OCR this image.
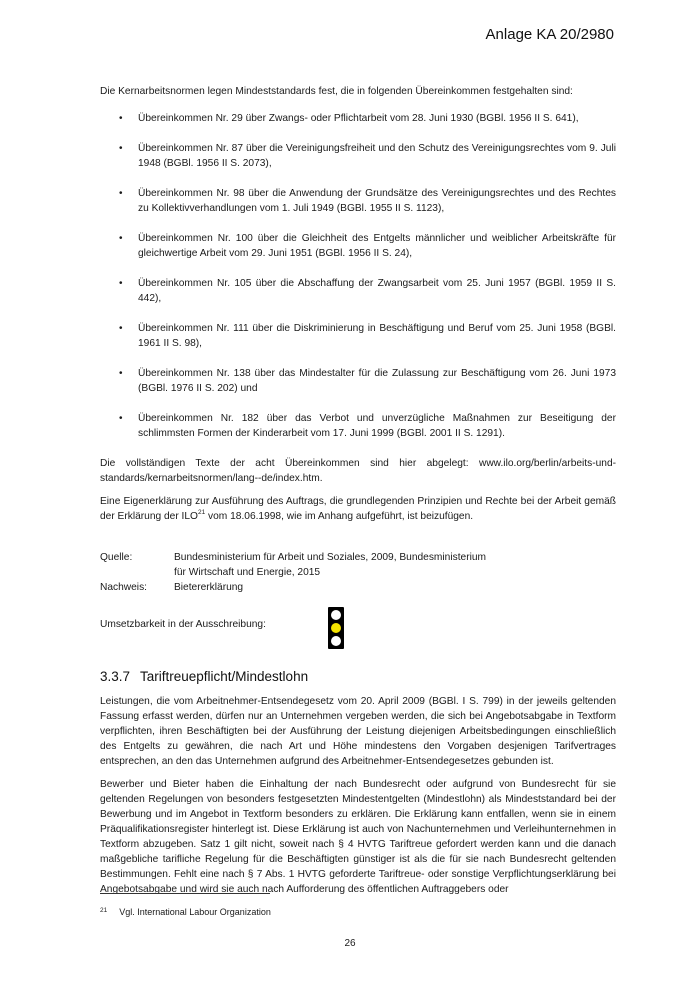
Anlage KA 20/2980

Die Kernarbeitsnormen legen Mindeststandards fest, die in folgenden Übereinkommen festgehalten sind:

• Übereinkommen Nr. 29 über Zwangs- oder Pflichtarbeit vom 28. Juni 1930 (BGBl. 1956 II S. 641),
• Übereinkommen Nr. 87 über die Vereinigungsfreiheit und den Schutz des Vereinigungsrechtes vom 9. Juli 1948 (BGBl. 1956 II S. 2073),
• Übereinkommen Nr. 98 über die Anwendung der Grundsätze des Vereinigungsrechtes und des Rechtes zu Kollektivverhandlungen vom 1. Juli 1949 (BGBl. 1955 II S. 1123),
• Übereinkommen Nr. 100 über die Gleichheit des Entgelts männlicher und weiblicher Arbeitskräfte für gleichwertige Arbeit vom 29. Juni 1951 (BGBl. 1956 II S. 24),
• Übereinkommen Nr. 105 über die Abschaffung der Zwangsarbeit vom 25. Juni 1957 (BGBl. 1959 II S. 442),
• Übereinkommen Nr. 111 über die Diskriminierung in Beschäftigung und Beruf vom 25. Juni 1958 (BGBl. 1961 II S. 98),
• Übereinkommen Nr. 138 über das Mindestalter für die Zulassung zur Beschäftigung vom 26. Juni 1973 (BGBl. 1976 II S. 202) und
• Übereinkommen Nr. 182 über das Verbot und unverzügliche Maßnahmen zur Beseitigung der schlimmsten Formen der Kinderarbeit vom 17. Juni 1999 (BGBl. 2001 II S. 1291).

Die vollständigen Texte der acht Übereinkommen sind hier abgelegt: www.ilo.org/berlin/arbeits-und-standards/kernarbeitsnormen/lang--de/index.htm.

Eine Eigenerklärung zur Ausführung des Auftrags, die grundlegenden Prinzipien und Rechte bei der Arbeit gemäß der Erklärung der ILO$^{21}$ vom 18.06.1998, wie im Anhang aufgeführt, ist beizufügen.

Quelle:	Bundesministerium für Arbeit und Soziales, 2009, Bundesministerium
für Wirtschaft und Energie, 2015
Nachweis:	Bietererklärung
Umsetzbarkeit in der Ausschreibung:
3.3.7 Tariftreuepflicht/Mindestlohn

Leistungen, die vom Arbeitnehmer-Entsendegesetz vom 20. April 2009 (BGBl. I S. 799) in der jeweils geltenden Fassung erfasst werden, dürfen nur an Unternehmen vergeben werden, die sich bei Angebotsabgabe in Textform verpflichten, ihren Beschäftigten bei der Ausführung der Leistung diejenigen Arbeitsbedingungen einschließlich des Entgelts zu gewähren, die nach Art und Höhe mindestens den Vorgaben desjenigen Tarifvertrages entsprechen, an den das Unternehmen aufgrund des Arbeitnehmer-Entsendegesetzes gebunden ist.

Bewerber und Bieter haben die Einhaltung der nach Bundesrecht oder aufgrund von Bundesrecht für sie geltenden Regelungen von besonders festgesetzten Mindestentgelten (Mindestlohn) als Mindeststandard bei der Bewerbung und im Angebot in Textform besonders zu erklären. Die Erklärung kann entfallen, wenn sie in einem Präqualifikationsregister hinterlegt ist. Diese Erklärung ist auch von Nachunternehmen und Verleihunternehmen in Textform abzugeben. Satz 1 gilt nicht, soweit nach § 4 HVTG Tariftreue gefordert werden kann und die danach maßgebliche tarifliche Regelung für die Beschäftigten günstiger ist als die für sie nach Bundesrecht geltenden Bestimmungen. Fehlt eine nach § 7 Abs. 1 HVTG geforderte Tariftreue- oder sonstige Verpflichtungserklärung bei Angebotsabgabe und wird sie auch nach Aufforderung des öffentlichen Auftraggebers oder

$^{21}$ Vgl. International Labour Organization
26
